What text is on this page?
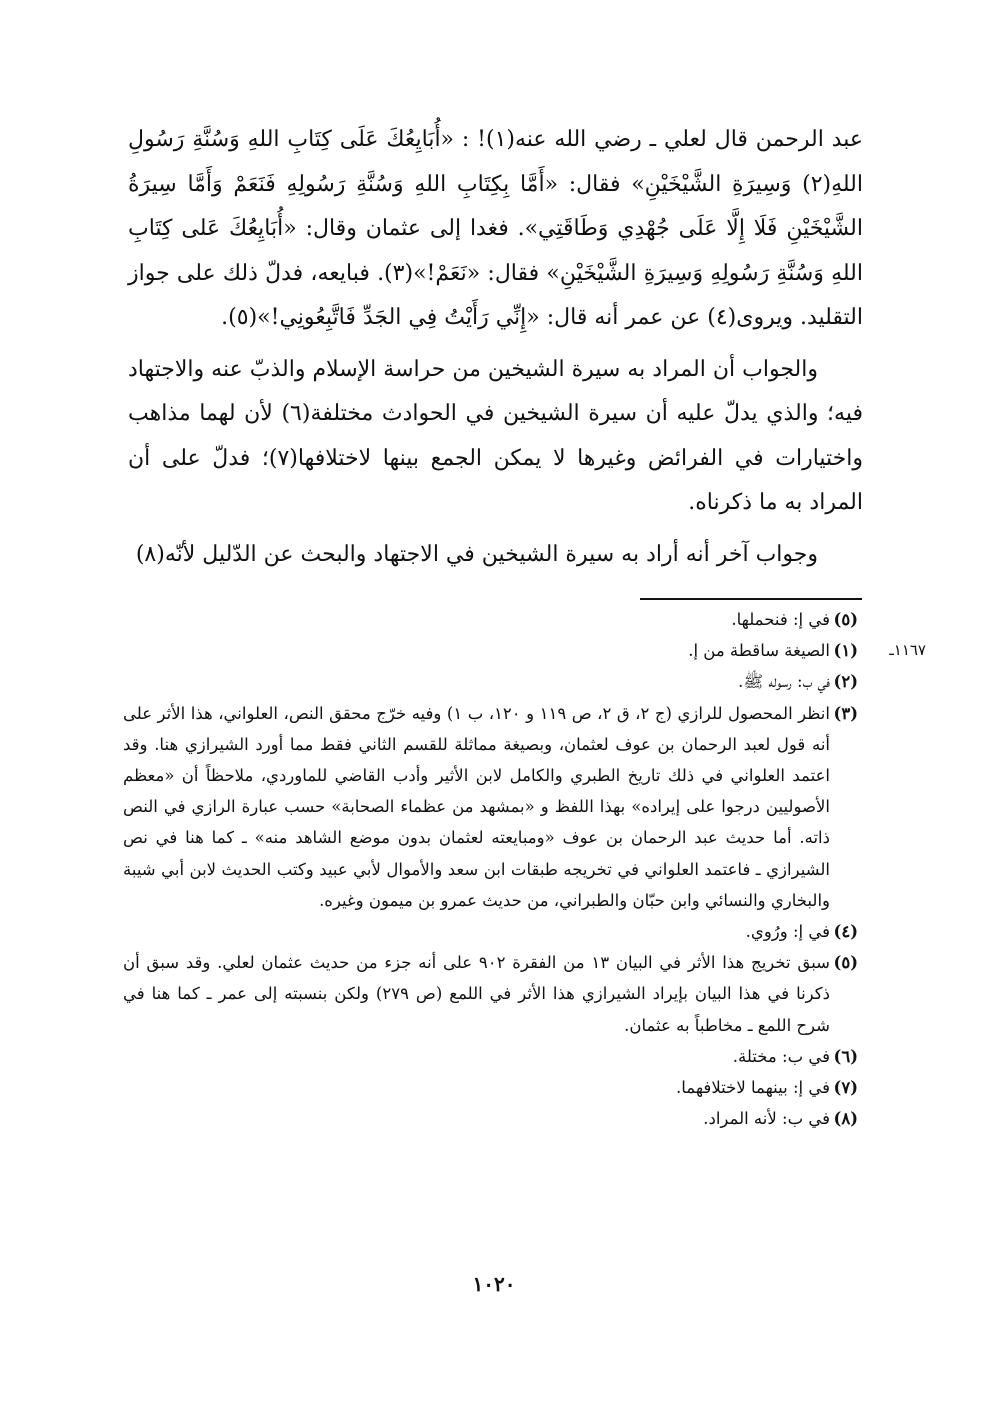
عبد الرحمن قال لعلي ـ رضي الله عنه(١)! : «أُبَايِعُكَ عَلَى كِتَابِ اللهِ وَسُنَّةِ رَسُولِ اللهِ(٢) وَسِيرَةِ الشَّيْخَيْنِ» فقال: «أَمَّا بِكِتَابِ اللهِ وَسُنَّةِ رَسُولِهِ فَنَعَمْ وَأَمَّا سِيرَةُ الشَّيْخَيْنِ فَلَا إِلَّا عَلَى جُهْدِي وَطَاقَتِي». فغدا إلى عثمان وقال: «أُبَايِعُكَ عَلى كِتَابِ اللهِ وَسُنَّةِ رَسُولِهِ وَسِيرَةِ الشَّيْخَيْنِ» فقال: «نَعَمْ!»(٣). فبايعه، فدلّ ذلك على جواز التقليد. ويروى(٤) عن عمر أنه قال: «إِنِّي رَأَيْتُ فِي الجَدِّ فَاتَّبِعُونِي!»(٥).

والجواب أن المراد به سيرة الشيخين من حراسة الإسلام والذبّ عنه والاجتهاد فيه؛ والذي يدلّ عليه أن سيرة الشيخين في الحوادث مختلفة(٦) لأن لهما مذاهب واختيارات في الفرائض وغيرها لا يمكن الجمع بينها لاختلافها(٧)؛ فدلّ على أن المراد به ما ذكرناه.

وجواب آخر أنه أراد به سيرة الشيخين في الاجتهاد والبحث عن الدّليل لأنّه(٨)

(٥)
في إ: فنحملها.

١١٦٧ـ
(١)
الصيغة ساقطة من إ.

(٢)
في ب: رسوله ﷺ.

(٣)
انظر المحصول للرازي (ج ٢، ق ٢، ص ١١٩ و ١٢٠، ب ١) وفيه خرّج محقق النص، العلواني، هذا الأثر على أنه قول لعبد الرحمان بن عوف لعثمان، وبصيغة مماثلة للقسم الثاني فقط مما أورد الشيرازي هنا. وقد اعتمد العلواني في ذلك تاريخ الطبري والكامل لابن الأثير وأدب القاضي للماوردي، ملاحظاً أن «معظم الأصوليين درجوا على إيراده» بهذا اللفظ و «بمشهد من عظماء الصحابة» حسب عبارة الرازي في النص ذاته. أما حديث عبد الرحمان بن عوف «ومبايعته لعثمان بدون موضع الشاهد منه» ـ كما هنا في نص الشيرازي ـ فاعتمد العلواني في تخريجه طبقات ابن سعد والأموال لأبي عبيد وكتب الحديث لابن أبي شيبة والبخاري والنسائي وابن حبّان والطبراني، من حديث عمرو بن ميمون وغيره.

(٤)
في إ: ورُوي.

(٥)
سبق تخريج هذا الأثر في البيان ١٣ من الفقرة ٩٠٢ على أنه جزء من حديث عثمان لعلي. وقد سبق أن ذكرنا في هذا البيان بإيراد الشيرازي هذا الأثر في اللمع (ص ٢٧٩) ولكن بنسبته إلى عمر ـ كما هنا في شرح اللمع ـ مخاطباً به عثمان.

(٦)
في ب: مختلة.

(٧)
في إ: بينهما لاختلافهما.

(٨)
في ب: لأنه المراد.

١٠٢٠
